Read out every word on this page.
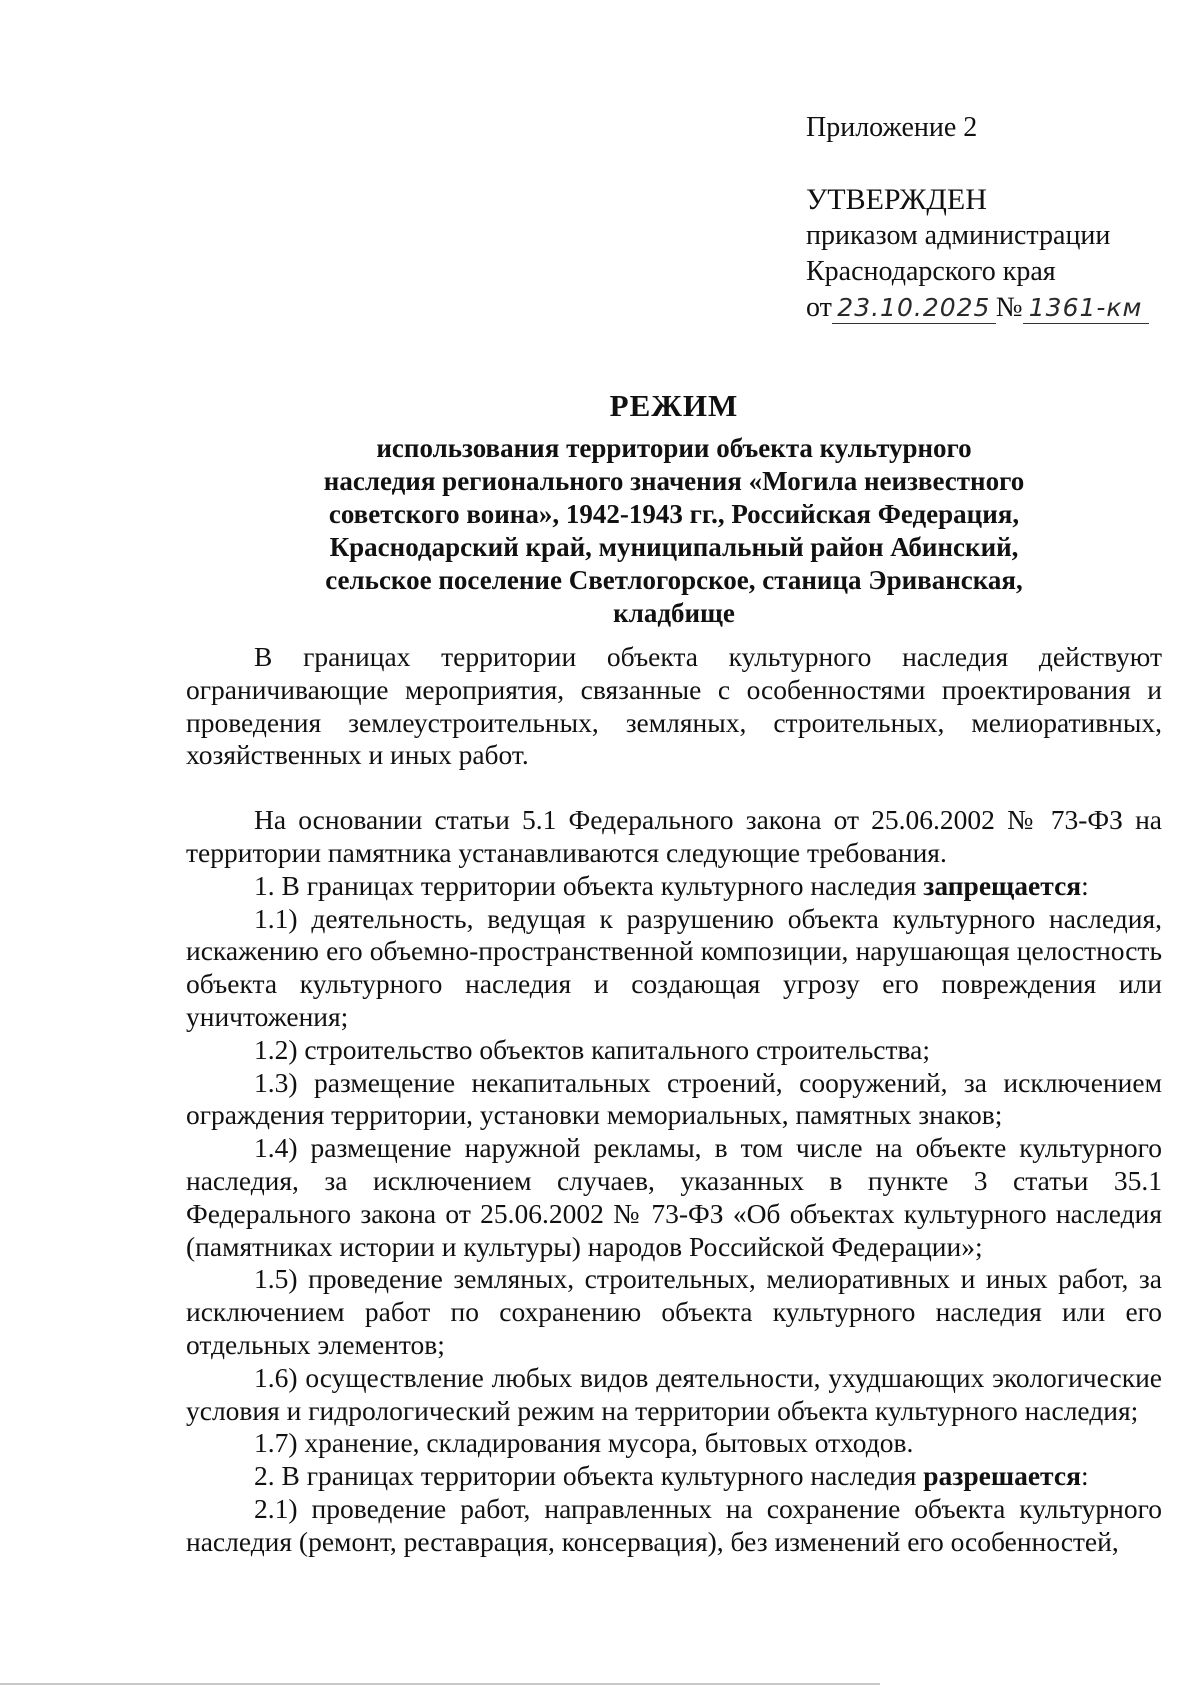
Приложение 2

УТВЕРЖДЕН

приказом администрации

Краснодарского края

от 23.10.2025 № 1361-км

РЕЖИМ

использования территории объекта культурного
наследия регионального значения «Могила неизвестного
советского воина», 1942-1943 гг., Российская Федерация,
Краснодарский край, муниципальный район Абинский,
сельское поселение Светлогорское, станица Эриванская,
кладбище

В границах территории объекта культурного наследия действуют ограничивающие мероприятия, связанные с особенностями проектирования и проведения землеустроительных, земляных, строительных, мелиоративных, хозяйственных и иных работ.

На основании статьи 5.1 Федерального закона от 25.06.2002 № 73-ФЗ на территории памятника устанавливаются следующие требования.

1. В границах территории объекта культурного наследия запрещается:

1.1) деятельность, ведущая к разрушению объекта культурного наследия, искажению его объемно-пространственной композиции, нарушающая целостность объекта культурного наследия и создающая угрозу его повреждения или уничтожения;

1.2) строительство объектов капитального строительства;

1.3) размещение некапитальных строений, сооружений, за исключением ограждения территории, установки мемориальных, памятных знаков;

1.4) размещение наружной рекламы, в том числе на объекте культурного наследия, за исключением случаев, указанных в пункте 3 статьи 35.1 Федерального закона от 25.06.2002 № 73-ФЗ «Об объектах культурного наследия (памятниках истории и культуры) народов Российской Федерации»;

1.5) проведение земляных, строительных, мелиоративных и иных работ, за исключением работ по сохранению объекта культурного наследия или его отдельных элементов;

1.6) осуществление любых видов деятельности, ухудшающих экологические условия и гидрологический режим на территории объекта культурного наследия;

1.7) хранение, складирования мусора, бытовых отходов.

2. В границах территории объекта культурного наследия разрешается:

2.1) проведение работ, направленных на сохранение объекта культурного наследия (ремонт, реставрация, консервация), без изменений его особенностей,
